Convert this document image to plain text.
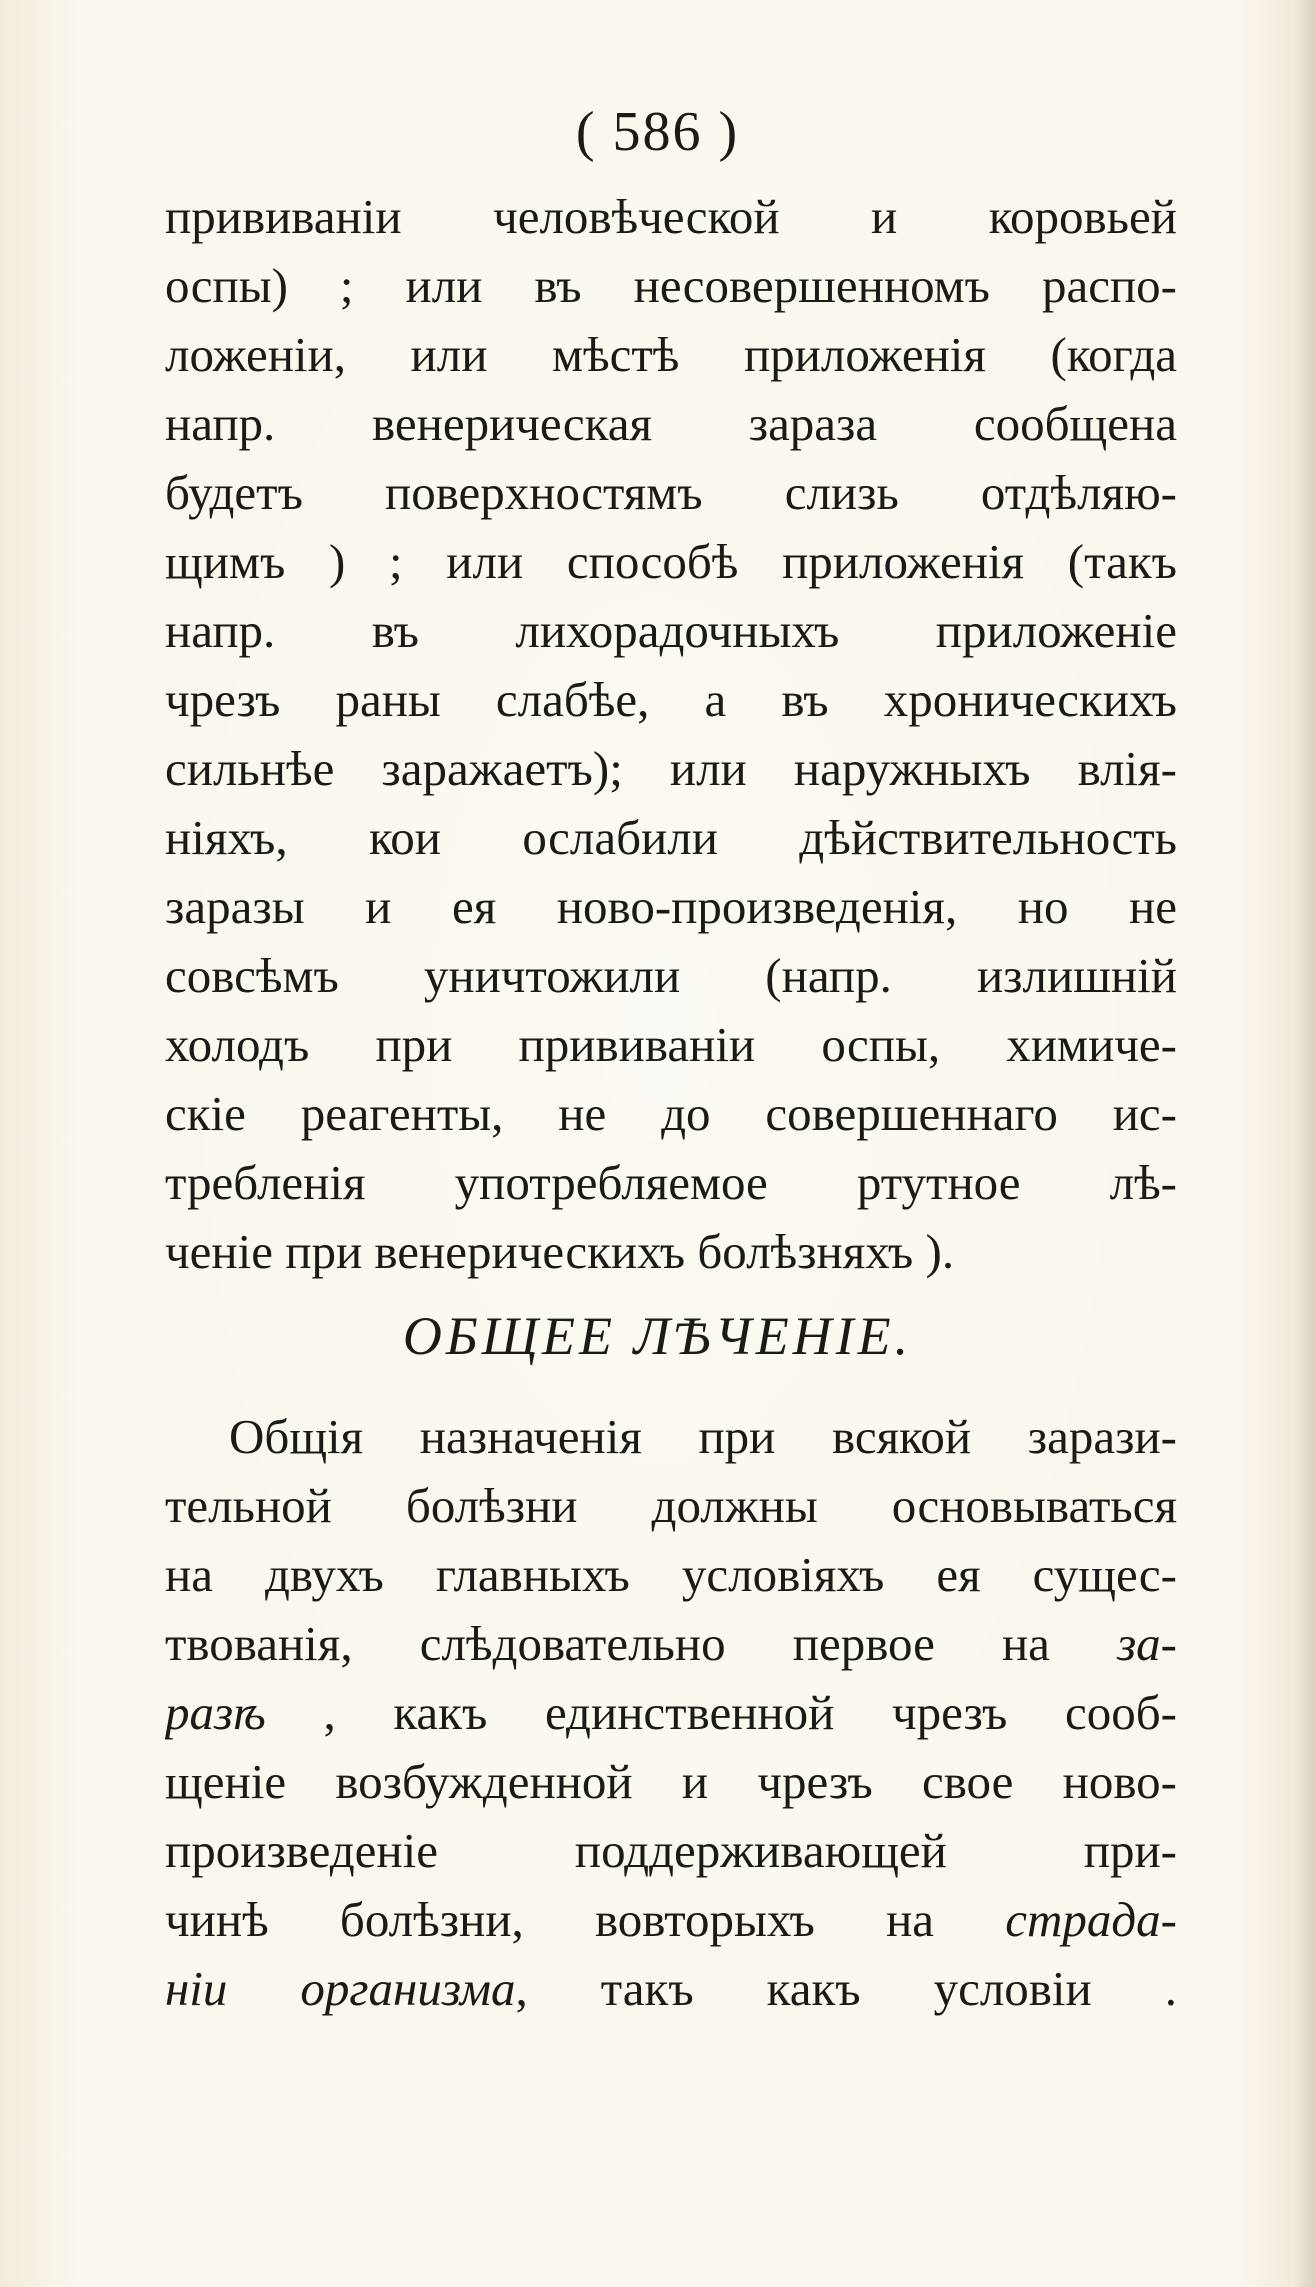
( 586 )
прививанiи человѣческой и коровьей
оспы) ; или въ несовершенномъ распо-
ложенiи, или мѣстѣ приложенiя (когда
напр. венерическая зараза сообщена
будетъ поверхностямъ слизь отдѣляю-
щимъ ) ; или способѣ приложенiя (такъ
напр. въ лихорадочныхъ приложенiе
чрезъ раны слабѣе, а въ хроническихъ
сильнѣе заражаетъ); или наружныхъ влiя-
нiяхъ, кои ослабили дѣйствительность
заразы и ея ново-произведенiя, но не
совсѣмъ уничтожили (напр. излишнiй
холодъ при прививанiи оспы, химиче-
скiе реагенты, не до совершеннаго ис-
требленiя употребляемое ртутное лѣ-
ченiе при венерическихъ болѣзняхъ ).
ОБЩЕЕ ЛѢЧЕНIЕ.
Общiя назначенiя при всякой зарази-
тельной болѣзни должны основываться
на двухъ главныхъ условiяхъ ея сущес-
твованiя, слѣдовательно первое на за-
разѣ , какъ единственной чрезъ сооб-
щенiе возбужденной и чрезъ свое ново-
произведенiе поддерживающей при-
чинѣ болѣзни, вовторыхъ на страда-
нiи организма, такъ какъ условiи .
